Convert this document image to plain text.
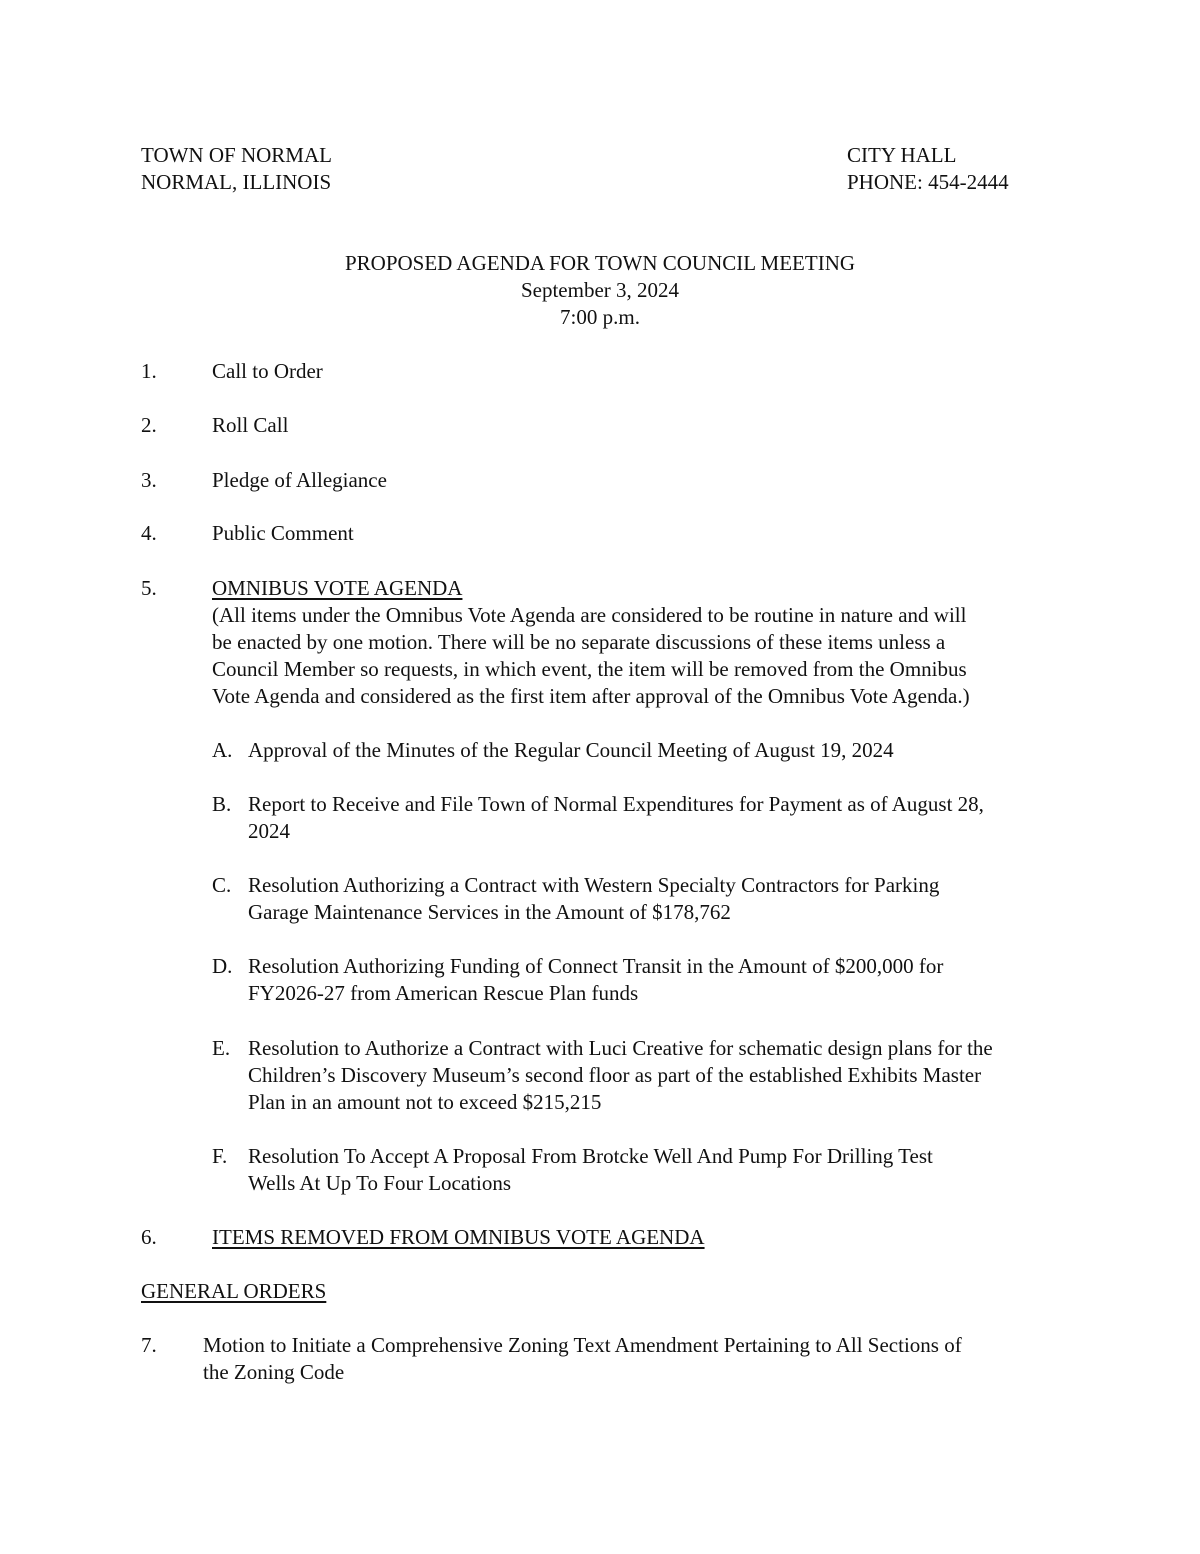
TOWN OF NORMAL
NORMAL, ILLINOIS
CITY HALL
PHONE: 454-2444
PROPOSED AGENDA FOR TOWN COUNCIL MEETING
September 3, 2024
7:00 p.m.
1.	Call to Order
2.	Roll Call
3.	Pledge of Allegiance
4.	Public Comment
5.	OMNIBUS VOTE AGENDA
(All items under the Omnibus Vote Agenda are considered to be routine in nature and will
be enacted by one motion. There will be no separate discussions of these items unless a
Council Member so requests, in which event, the item will be removed from the Omnibus
Vote Agenda and considered as the first item after approval of the Omnibus Vote Agenda.)
A. Approval of the Minutes of the Regular Council Meeting of August 19, 2024
B. Report to Receive and File Town of Normal Expenditures for Payment as of August 28,
2024
C. Resolution Authorizing a Contract with Western Specialty Contractors for Parking
Garage Maintenance Services in the Amount of $178,762
D. Resolution Authorizing Funding of Connect Transit in the Amount of $200,000 for
FY2026-27 from American Rescue Plan funds
E. Resolution to Authorize a Contract with Luci Creative for schematic design plans for the
Children’s Discovery Museum’s second floor as part of the established Exhibits Master
Plan in an amount not to exceed $215,215
F. Resolution To Accept A Proposal From Brotcke Well And Pump For Drilling Test
Wells At Up To Four Locations
6.	ITEMS REMOVED FROM OMNIBUS VOTE AGENDA
GENERAL ORDERS
7.	Motion to Initiate a Comprehensive Zoning Text Amendment Pertaining to All Sections of
the Zoning Code
